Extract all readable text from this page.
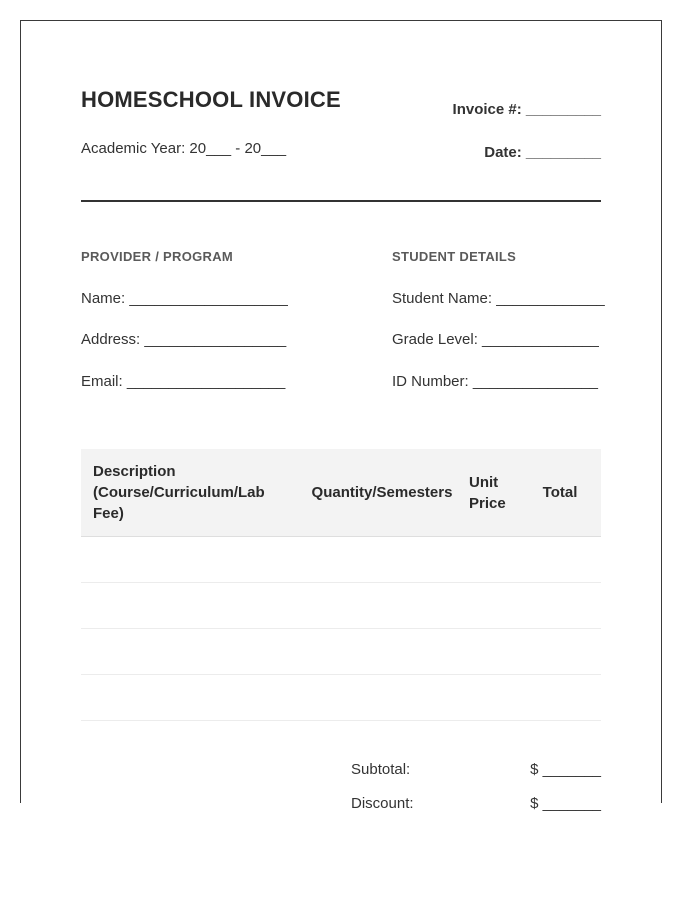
HOMESCHOOL INVOICE
Academic Year: 20___ - 20___
Invoice #: _________
Date: _________
PROVIDER / PROGRAM
Name: ___________________
Address: _________________
Email: ___________________
STUDENT DETAILS
Student Name: _____________
Grade Level: ______________
ID Number: _______________
Description (Course/Curriculum/Lab Fee)	Quantity/Semesters	Unit Price	Total

Subtotal:	$ _______
Discount:	$ _______
